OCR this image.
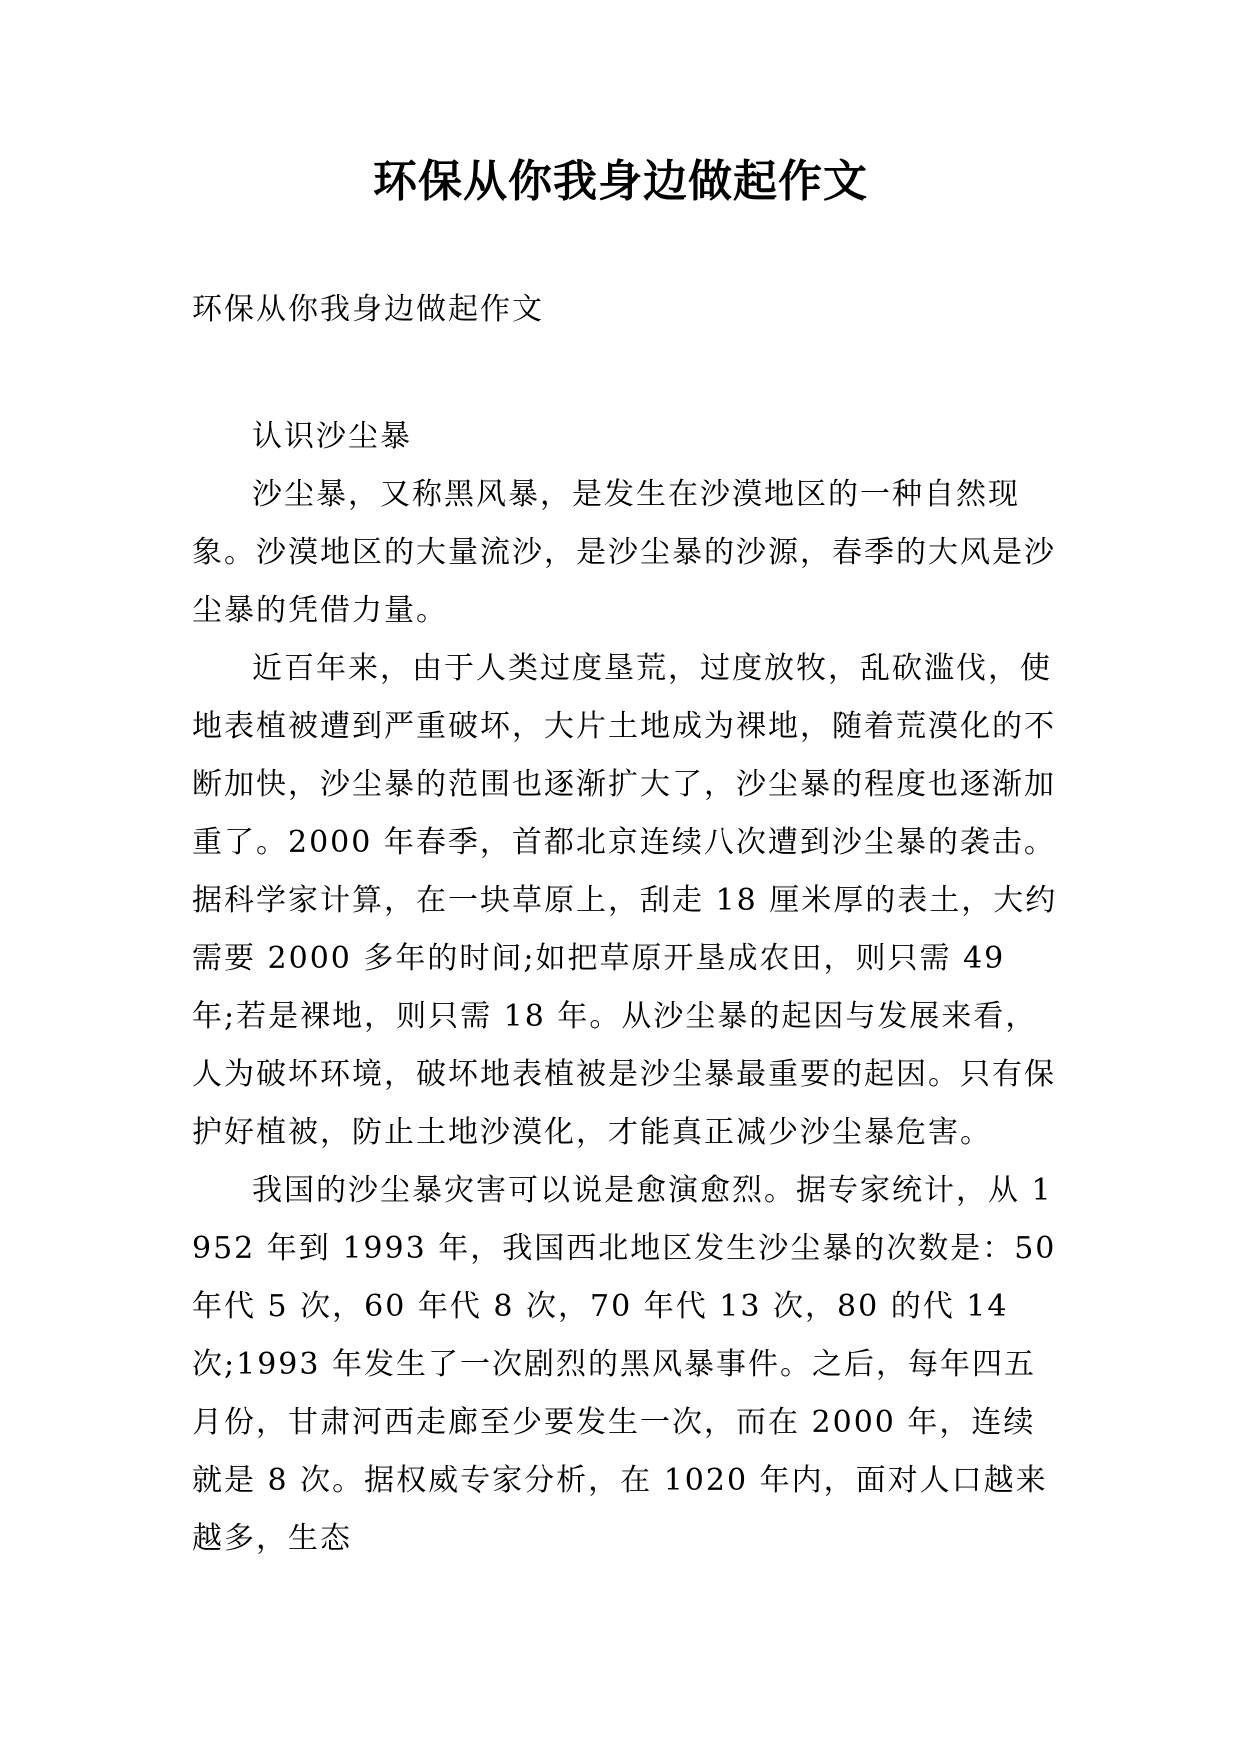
环保从你我身边做起作文
环保从你我身边做起作文

认识沙尘暴

沙尘暴，又称黑风暴，是发生在沙漠地区的一种自然现象。沙漠地区的大量流沙，是沙尘暴的沙源，春季的大风是沙尘暴的凭借力量。

近百年来，由于人类过度垦荒，过度放牧，乱砍滥伐，使地表植被遭到严重破坏，大片土地成为裸地，随着荒漠化的不断加快，沙尘暴的范围也逐渐扩大了，沙尘暴的程度也逐渐加重了。2000 年春季，首都北京连续八次遭到沙尘暴的袭击。据科学家计算，在一块草原上，刮走 18 厘米厚的表土，大约需要 2000 多年的时间;如把草原开垦成农田，则只需 49 年;若是裸地，则只需 18 年。从沙尘暴的起因与发展来看，人为破坏环境，破坏地表植被是沙尘暴最重要的起因。只有保护好植被，防止土地沙漠化，才能真正减少沙尘暴危害。

我国的沙尘暴灾害可以说是愈演愈烈。据专家统计，从 1952 年到 1993 年，我国西北地区发生沙尘暴的次数是：50 年代 5 次，60 年代 8 次，70 年代 13 次，80 的代 14 次;1993 年发生了一次剧烈的黑风暴事件。之后，每年四五月份，甘肃河西走廊至少要发生一次，而在 2000 年，连续就是 8 次。据权威专家分析，在 1020 年内，面对人口越来越多，生态
